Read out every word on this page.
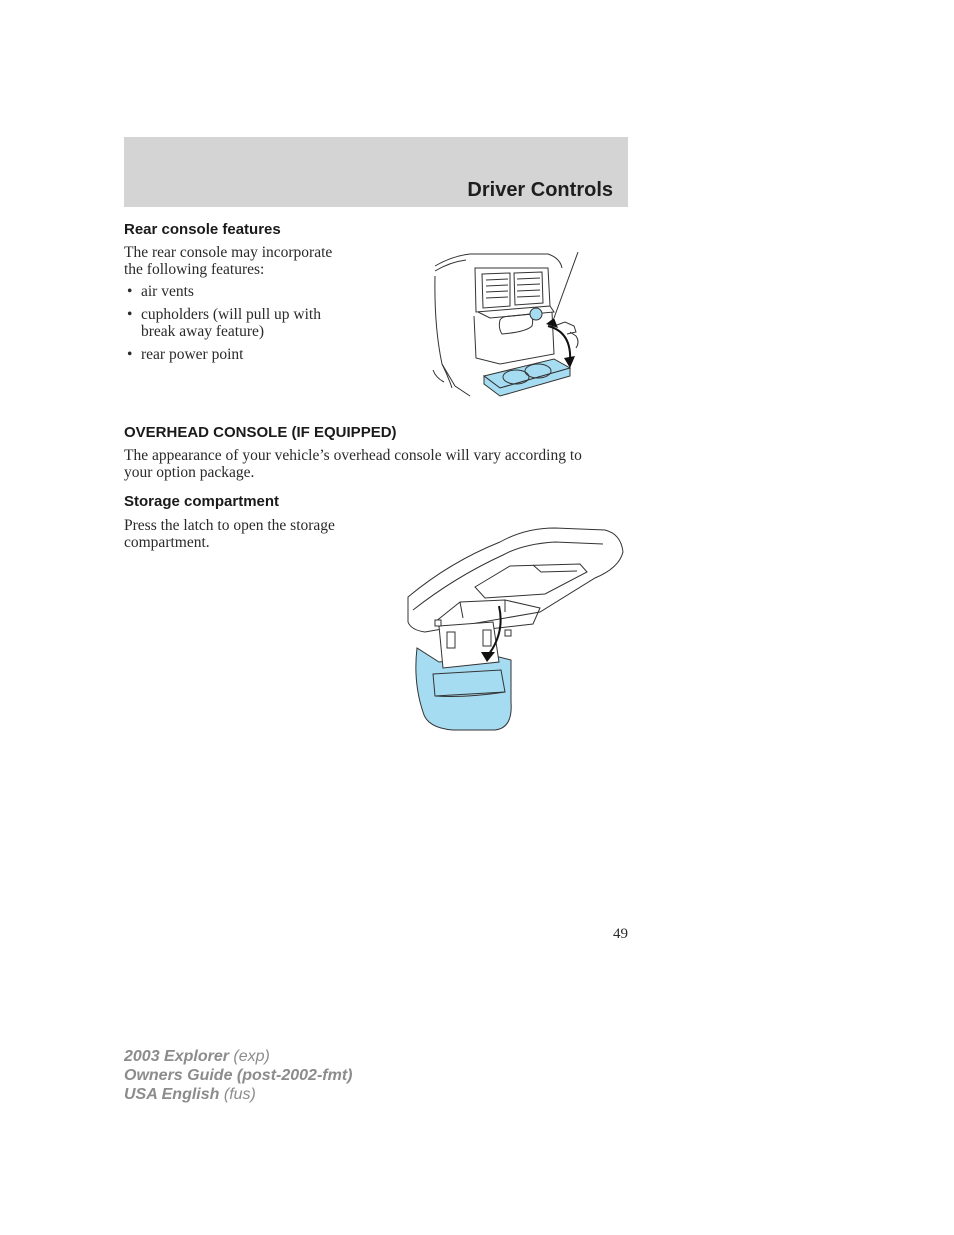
Driver Controls
Rear console features

The rear console may incorporate
the following features:

• air vents
• cupholders (will pull up with break away feature)
• rear power point
OVERHEAD CONSOLE (IF EQUIPPED)

The appearance of your vehicle’s overhead console will vary according to
your option package.

Storage compartment

Press the latch to open the storage
compartment.

49
2003 Explorer (exp)
Owners Guide (post-2002-fmt)
USA English (fus)
